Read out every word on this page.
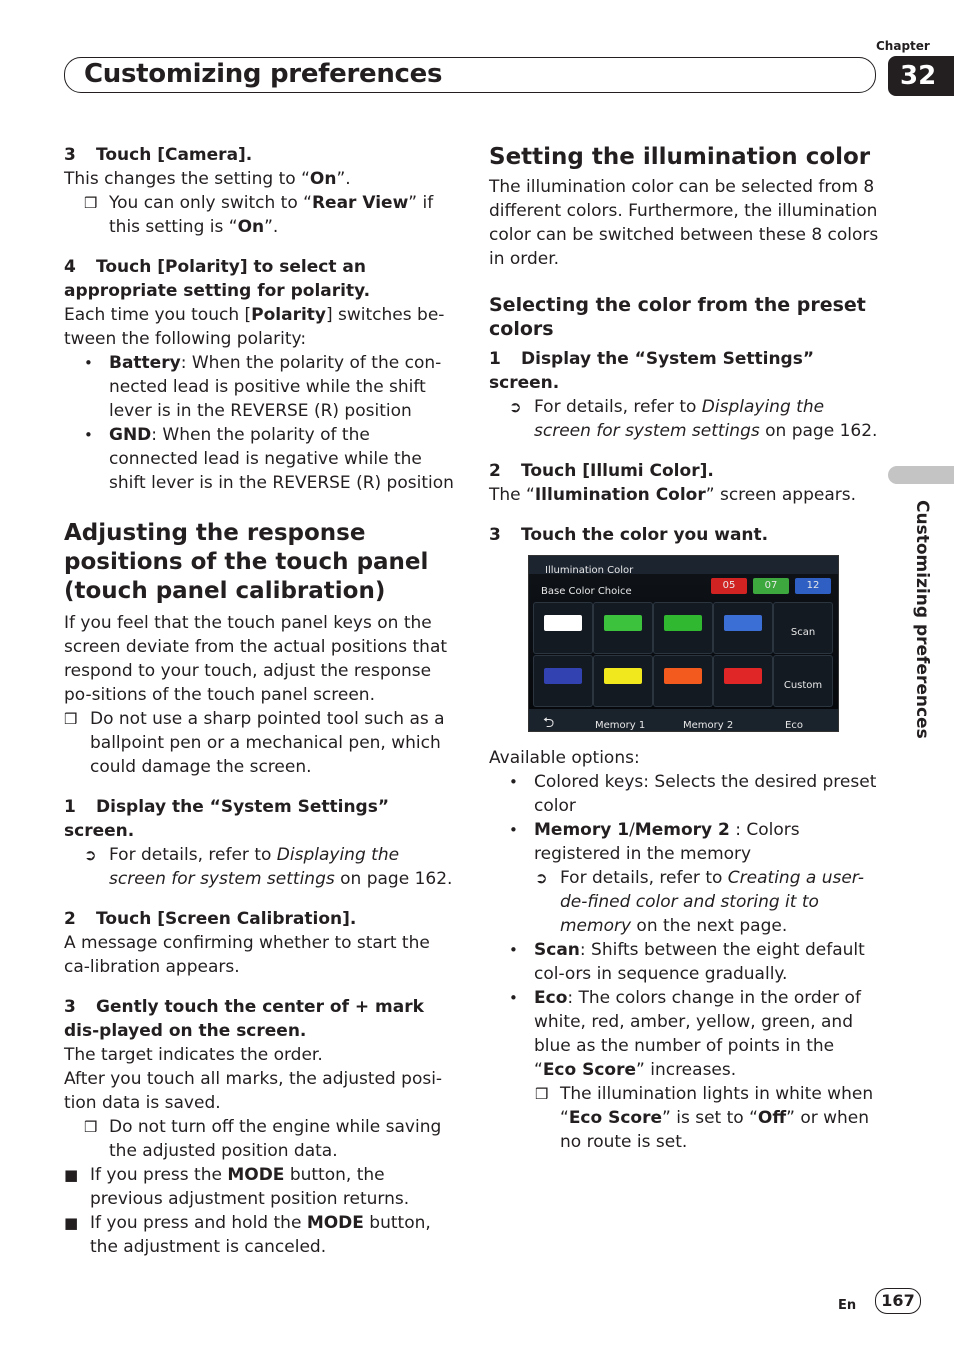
Chapter
32
Customizing preferences
Customizing preferences

3 Touch [Camera].

This changes the setting to “On”.

❒ You can only switch to “Rear View” if this setting is “On”.

4 Touch [Polarity] to select an appropriate setting for polarity.

Each time you touch [Polarity] switches be-tween the following polarity:

• Battery: When the polarity of the con-nected lead is positive while the shift lever is in the REVERSE (R) position

• GND: When the polarity of the connected lead is negative while the shift lever is in the REVERSE (R) position

Adjusting the response positions of the touch panel (touch panel calibration)

If you feel that the touch panel keys on the screen deviate from the actual positions that respond to your touch, adjust the response po-sitions of the touch panel screen.

❒ Do not use a sharp pointed tool such as a ballpoint pen or a mechanical pen, which could damage the screen.

1 Display the “System Settings” screen.

➲ For details, refer to Displaying the screen for system settings on page 162.

2 Touch [Screen Calibration].

A message confirming whether to start the ca-libration appears.

3 Gently touch the center of + mark dis-played on the screen.

The target indicates the order.

After you touch all marks, the adjusted posi-tion data is saved.

❒ Do not turn off the engine while saving the adjusted position data.

■ If you press the MODE button, the previous adjustment position returns.

■ If you press and hold the MODE button, the adjustment is canceled.

Setting the illumination color

The illumination color can be selected from 8 different colors. Furthermore, the illumination color can be switched between these 8 colors in order.

Selecting the color from the preset colors

1 Display the “System Settings” screen.

➲ For details, refer to Displaying the screen for system settings on page 162.

2 Touch [Illumi Color].

The “Illumination Color” screen appears.

3 Touch the color you want.

Illumination Color
Base Color Choice
05	07	12
Scan
Custom
⮌	Memory 1	Memory 2	Eco

Available options:

• Colored keys: Selects the desired preset color

• Memory 1/Memory 2 : Colors registered in the memory

➲ For details, refer to Creating a user-de-fined color and storing it to memory on the next page.

• Scan: Shifts between the eight default col-ors in sequence gradually.

• Eco: The colors change in the order of white, red, amber, yellow, green, and blue as the number of points in the “Eco Score” increases.

❒ The illumination lights in white when “Eco Score” is set to “Off” or when no route is set.

En	167
